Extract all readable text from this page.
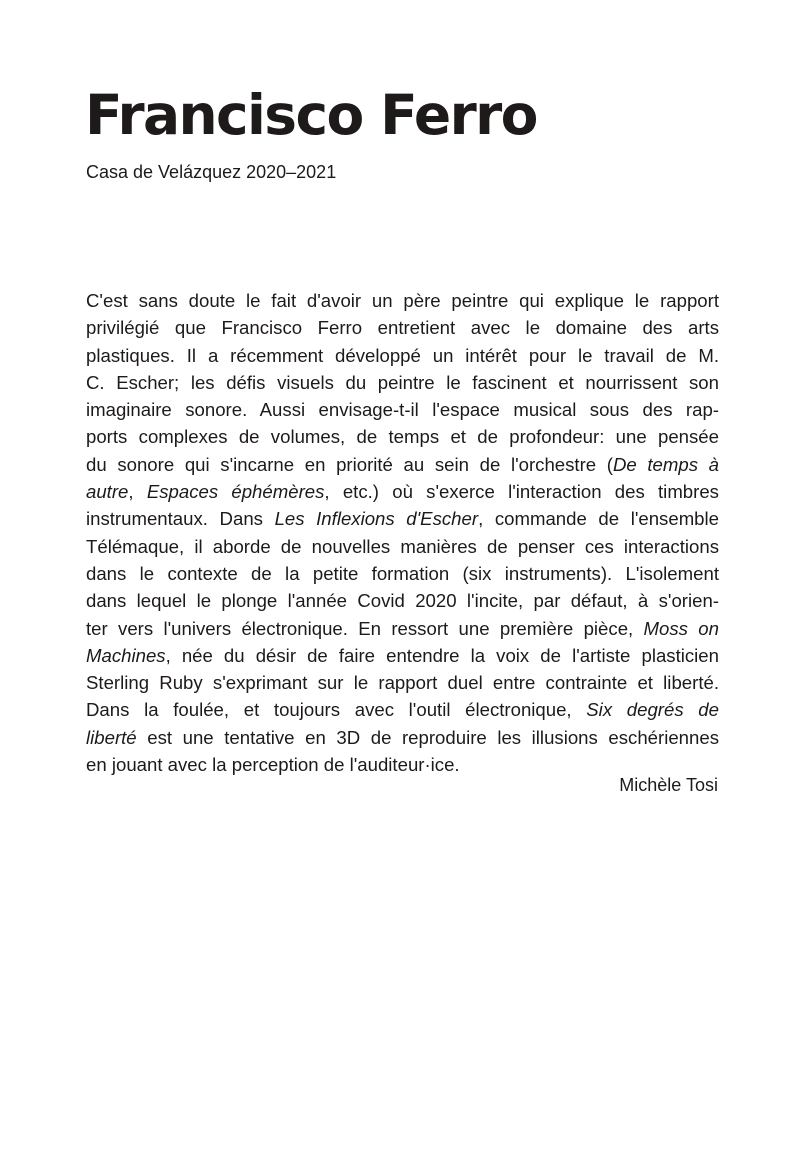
Francisco Ferro

Casa de Velázquez 2020–2021

C'est sans doute le fait d'avoir un père peintre qui explique le rapport
privilégié que Francisco Ferro entretient avec le domaine des arts
plastiques. Il a récemment développé un intérêt pour le travail de M.
C. Escher; les défis visuels du peintre le fascinent et nourrissent son
imaginaire sonore. Aussi envisage-t-il l'espace musical sous des rap-
ports complexes de volumes, de temps et de profondeur: une pensée
du sonore qui s'incarne en priorité au sein de l'orchestre (De temps à
autre, Espaces éphémères, etc.) où s'exerce l'interaction des timbres
instrumentaux. Dans Les Inflexions d'Escher, commande de l'ensemble
Télémaque, il aborde de nouvelles manières de penser ces interactions
dans le contexte de la petite formation (six instruments). L'isolement
dans lequel le plonge l'année Covid 2020 l'incite, par défaut, à s'orien-
ter vers l'univers électronique. En ressort une première pièce, Moss on
Machines, née du désir de faire entendre la voix de l'artiste plasticien
Sterling Ruby s'exprimant sur le rapport duel entre contrainte et liberté.
Dans la foulée, et toujours avec l'outil électronique, Six degrés de
liberté est une tentative en 3D de reproduire les illusions eschériennes
en jouant avec la perception de l'auditeur·ice.

Michèle Tosi
